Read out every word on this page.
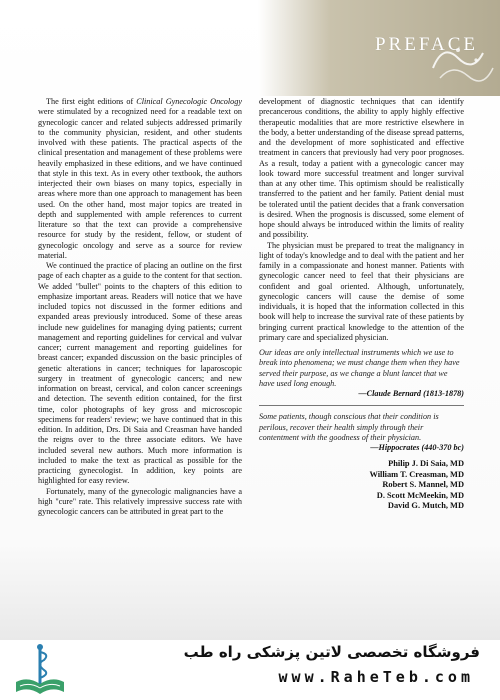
PREFACE

The first eight editions of Clinical Gynecologic Oncology were stimulated by a recognized need for a readable text on gynecologic cancer and related subjects addressed primarily to the community physician, resident, and other students involved with these patients. The practical aspects of the clinical presentation and management of these problems were heavily emphasized in these editions, and we have continued that style in this text. As in every other textbook, the authors interjected their own biases on many topics, especially in areas where more than one approach to management has been used. On the other hand, most major topics are treated in depth and supplemented with ample references to current literature so that the text can provide a comprehensive resource for study by the resident, fellow, or student of gynecologic oncology and serve as a source for review material.

We continued the practice of placing an outline on the first page of each chapter as a guide to the content for that section. We added "bullet" points to the chapters of this edition to emphasize important areas. Readers will notice that we have included topics not discussed in the former editions and expanded areas previously introduced. Some of these areas include new guidelines for managing dying patients; current management and reporting guidelines for cervical and vulvar cancer; current management and reporting guidelines for breast cancer; expanded discussion on the basic principles of genetic alterations in cancer; techniques for laparoscopic surgery in treatment of gynecologic cancers; and new information on breast, cervical, and colon cancer screenings and detection. The seventh edition contained, for the first time, color photographs of key gross and microscopic specimens for readers' review; we have continued that in this edition. In addition, Drs. Di Saia and Creasman have handed the reigns over to the three associate editors. We have included several new authors. Much more information is included to make the text as practical as possible for the practicing gynecologist. In addition, key points are highlighted for easy review.

Fortunately, many of the gynecologic malignancies have a high "cure" rate. This relatively impressive success rate with gynecologic cancers can be attributed in great part to the

development of diagnostic techniques that can identify precancerous conditions, the ability to apply highly effective therapeutic modalities that are more restrictive elsewhere in the body, a better understanding of the disease spread patterns, and the development of more sophisticated and effective treatment in cancers that previously had very poor prognoses. As a result, today a patient with a gynecologic cancer may look toward more successful treatment and longer survival than at any other time. This optimism should be realistically transferred to the patient and her family. Patient denial must be tolerated until the patient decides that a frank conversation is desired. When the prognosis is discussed, some element of hope should always be introduced within the limits of reality and possibility.

The physician must be prepared to treat the malignancy in light of today's knowledge and to deal with the patient and her family in a compassionate and honest manner. Patients with gynecologic cancer need to feel that their physicians are confident and goal oriented. Although, unfortunately, gynecologic cancers will cause the demise of some individuals, it is hoped that the information collected in this book will help to increase the survival rate of these patients by bringing current practical knowledge to the attention of the primary care and specialized physician.

Our ideas are only intellectual instruments which we use to break into phenomena; we must change them when they have served their purpose, as we change a blunt lancet that we have used long enough.

—Claude Bernard (1813-1878)

Some patients, though conscious that their condition is perilous, recover their health simply through their contentment with the goodness of their physician.

—Hippocrates (440-370 bc)

Philip J. Di Saia, MD
William T. Creasman, MD
Robert S. Mannel, MD
D. Scott McMeekin, MD
David G. Mutch, MD
فروشگاه تخصصی لاتین پزشکی راه طب
www.RaheTeb.com
